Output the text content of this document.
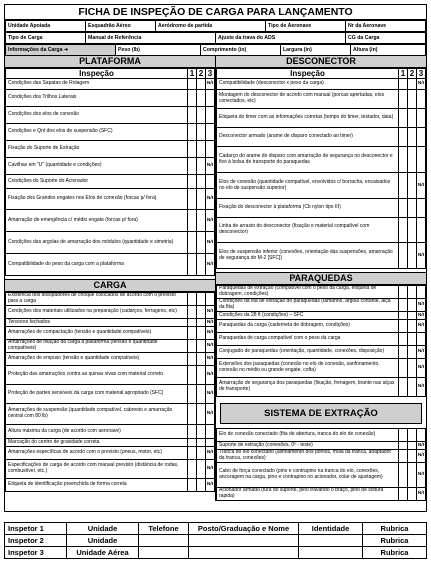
FICHA DE INSPEÇÃO DE CARGA PARA LANÇAMENTO
Unidade Apoiada	Esquadrão Aéreo	Aeródromo de partida	Tipo de Aeronave	Nr da Aeronave
Tipo de Carga	Manual de Referência	Ajuste da trava do ADS	CG da Carga
Informações da Carga ➜	Peso (lb)	Comprimento (in)	Largura (in)	Altura (in)
PLATAFORMA
Inspeção	1	2	3
Condições das Sapatas de Rolagem			N/I
Condições dos Trilhos Laterais			
Condições dos elos de conexão			
Condições e Qnt dos elos de suspensão (SFC)			
Fixação do Suporte de Extração			
Cavilhas em "U" (quantidade e condições)			N/I
Condições do Suporte do Acionador			
Fixação dos Grandes engates nos Elos de conexão (forcas p/ fora)			N/I
Amarração de emergência c/ médio engate (forcas p/ fora)			N/I
Condições das argolas de amarração dos módulos (quantidade e simetria)			N/I
Compatibilidade do peso da carga com a plataforma			N/I
CARGA
Existência dos dissipadores de choque colocados de acordo com o previsto para a carga			
Condições dos materiais utilizados na preparação (cadarços, ferragens, etc)			N/I
Tensores fechados			N/I
Amarrações de compactação (tensão e quantidade compatíveis)			N/I
Amarrações de fixação da carga à plataforma (tensão e quantidade compatíveis)			N/I
Amarrações de empuxo (tensão e quantidade compatíveis)			N/I
Proteção das amarrações contra as quinas vivas com material correto			N/I
Proteção de partes sensíveis da carga com material apropriado (SFC)			N/I
Amarrações de suspensão (quantidade compatível, cabresto e amarração central com 80 lb)			N/I
Altura máxima da carga (de acordo com aeronave)			
Marcação do centro de gravidade correta			
Amarrações específicas de acordo com o previsto (pneus, motor, etc)			N/I
Especificações de carga de acordo com manual previsto (distância de rodas, combustível, etc.)			N/I
Etiqueta de identificação preenchida de forma correta			N/I
DESCONECTOR
Inspeção	1	2	3
Compatibilidade (desconector x peso da carga)			N/I
Montagem do desconector de acordo com manual (porcas apertadas, elos conectados, etc)			
Etiqueta do timer com as informações corretas (tempo do timer, testador, data)			
Desconector armado (arame de disparo conectado ao timer)			
Cadarço do arame de disparo com amarração de segurança no desconector e fixo à bolsa de transporte do paraquedas			
Elos de conexão (quantidade compatível, envolvidos c/ borracha, encaixados no elo de suspensão superior)			N/I
Fixação do desconector à plataforma (Cb nylon tipo III)			
Linha de arrasto do desconector (fixação e material compatível com desconector)			
Elos de suspensão inferior (conexões, orientação das suspensões, amarração de segurança do M-2 [SFC])			N/I
PARAQUEDAS
Paraquedas de extração (compatível com o peso da carga, etiqueta de dobragem, condições)			
Condições da fita de extração do paraquedas (tamanho, argola cortante, alça da fita)			N/I
Condições da 28 ft (condições) – SFC			N/I
Paraquedas da carga (caderneta de dobragem, condições)			N/I
Paraquedas de carga compatível com o peso da carga			
Conjugado de paraquedas (orientação, quantidade, conexões, disposição)			N/I
Extensões dos paraquedas (conexão no elo de conexão, sanfonamento, conexão no médio ou grande engate, cofta)			N/I
Amarração de segurança dos paraquedas (fixação, frenagem, tirante nas alças de transporte)			N/I
SISTEMA DE EXTRAÇÃO
Elo de conexão conectado (fita de abertura, tranca do elo de conexão)			
Suporte de extração (conexões, 0º - teste)			N/I
Tranca do elo conectado (alinhamento dos pontos, mola da tranca, adaptador da tranca, conexões)			N/I
Cabo de força conectado (pino e contrapino na tranca do elo, conexões, ancoragem na carga, pino e contrapino no acionador, colar de ajustagem)			N/I
Acionador armado (fura do suporte, pino travando o braço, pino de soltura rapida)			N/I
Inspetor 1	Unidade	Telefone	Posto/Graduação e Nome	Identidade	Rubrica
Inspetor 2	Unidade				Rubrica
Inspetor 3	Unidade Aérea				Rubrica
